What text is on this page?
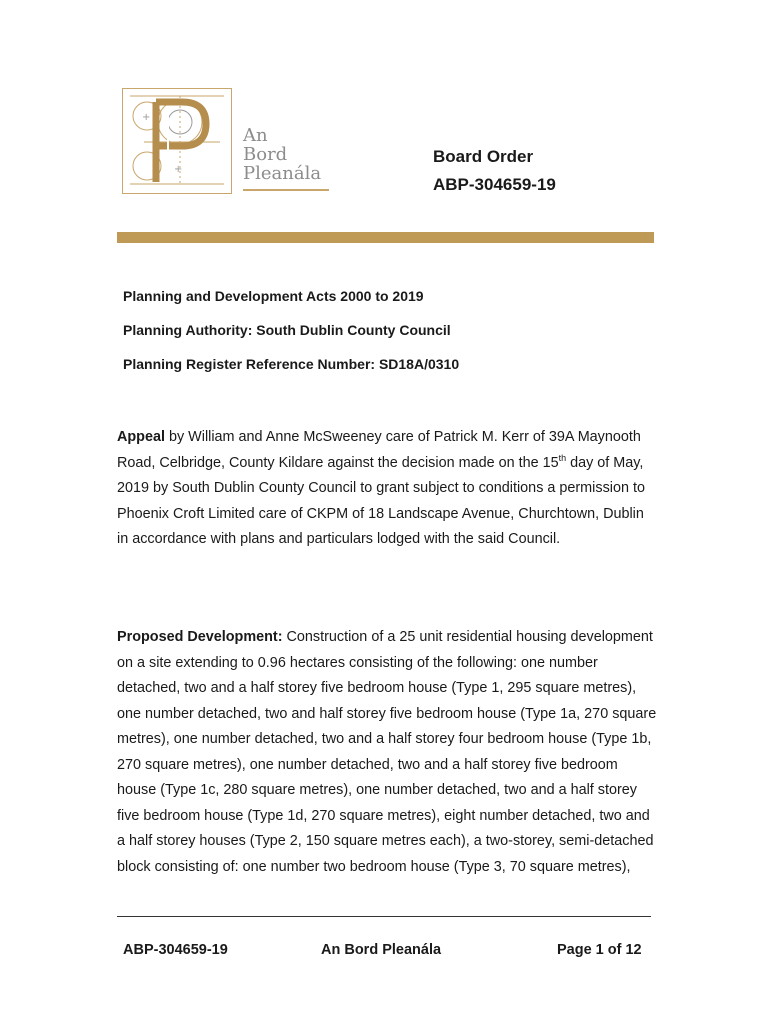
+
+
An
Bord
Pleanála
Board Order
ABP-304659-19
Planning and Development Acts 2000 to 2019
Planning Authority: South Dublin County Council
Planning Register Reference Number: SD18A/0310
Appeal by William and Anne McSweeney care of Patrick M. Kerr of 39A Maynooth Road, Celbridge, County Kildare against the decision made on the 15th day of May, 2019 by South Dublin County Council to grant subject to conditions a permission to Phoenix Croft Limited care of CKPM of 18 Landscape Avenue, Churchtown, Dublin in accordance with plans and particulars lodged with the said Council.
Proposed Development: Construction of a 25 unit residential housing development on a site extending to 0.96 hectares consisting of the following: one number detached, two and a half storey five bedroom house (Type 1, 295 square metres), one number detached, two and half storey five bedroom house (Type 1a, 270 square metres), one number detached, two and a half storey four bedroom house (Type 1b, 270 square metres), one number detached, two and a half storey five bedroom house (Type 1c, 280 square metres), one number detached, two and a half storey five bedroom house (Type 1d, 270 square metres), eight number detached, two and a half storey houses (Type 2, 150 square metres each), a two-storey, semi-detached block consisting of: one number two bedroom house (Type 3, 70 square metres),
ABP-304659-19	An Bord Pleanála	Page 1 of 12
